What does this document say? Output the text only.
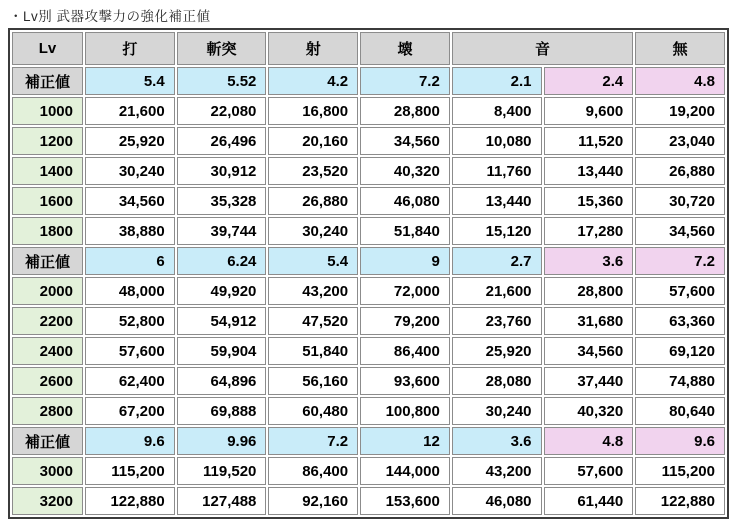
・Lv別 武器攻撃力の強化補正値
Lv	打	斬突	射	壊	音		無
補正値	5.4	5.52	4.2	7.2	2.1	2.4	4.8
1000	21,600	22,080	16,800	28,800	8,400	9,600	19,200
1200	25,920	26,496	20,160	34,560	10,080	11,520	23,040
1400	30,240	30,912	23,520	40,320	11,760	13,440	26,880
1600	34,560	35,328	26,880	46,080	13,440	15,360	30,720
1800	38,880	39,744	30,240	51,840	15,120	17,280	34,560
補正値	6	6.24	5.4	9	2.7	3.6	7.2
2000	48,000	49,920	43,200	72,000	21,600	28,800	57,600
2200	52,800	54,912	47,520	79,200	23,760	31,680	63,360
2400	57,600	59,904	51,840	86,400	25,920	34,560	69,120
2600	62,400	64,896	56,160	93,600	28,080	37,440	74,880
2800	67,200	69,888	60,480	100,800	30,240	40,320	80,640
補正値	9.6	9.96	7.2	12	3.6	4.8	9.6
3000	115,200	119,520	86,400	144,000	43,200	57,600	115,200
3200	122,880	127,488	92,160	153,600	46,080	61,440	122,880
